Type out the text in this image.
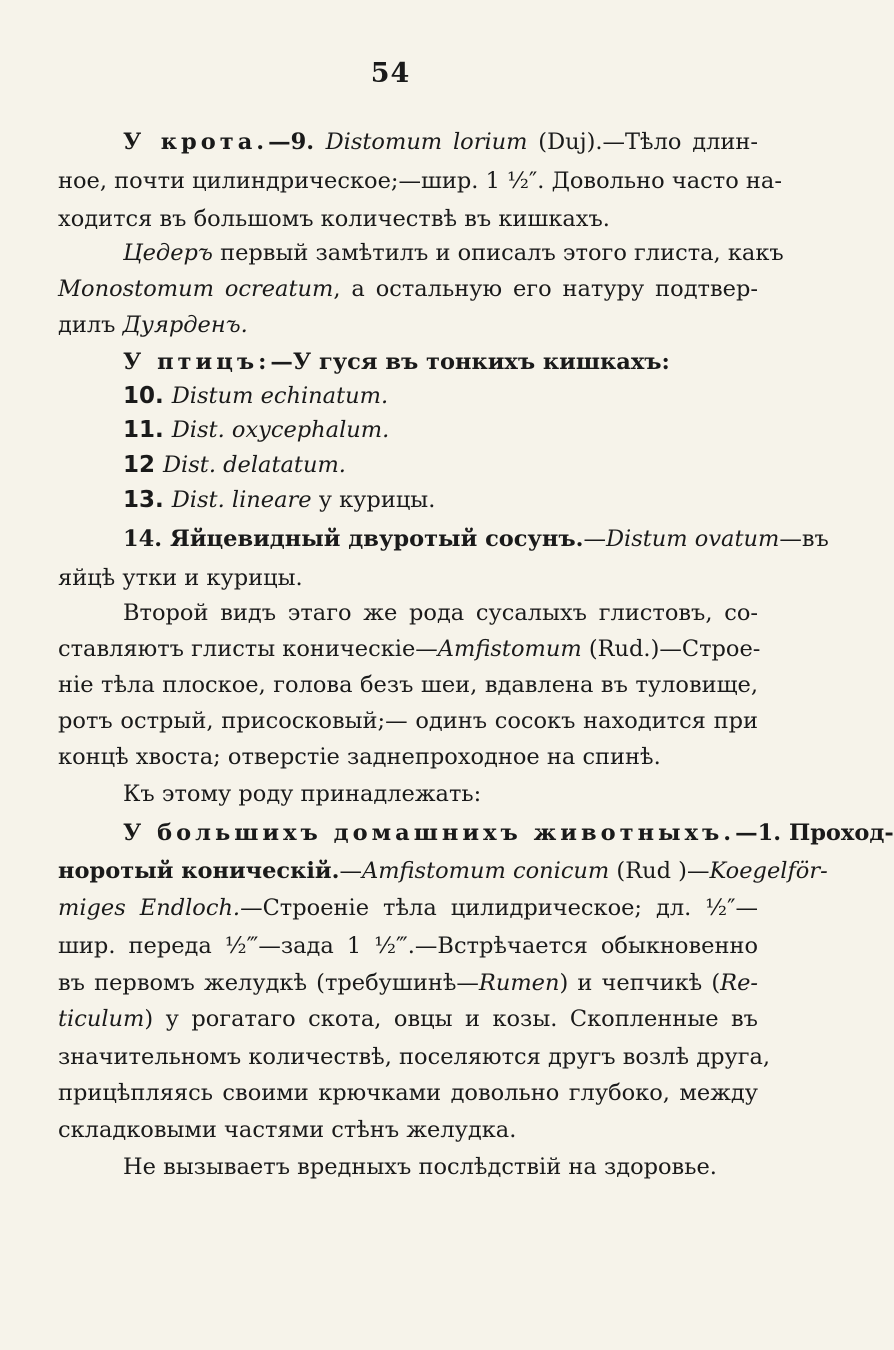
54
У крота.—9. Distomum lorium (Duj).—Тѣло длин-
ное, почти цилиндрическое;—шир. 1 ½″. Довольно часто на-
ходится въ большомъ количествѣ въ кишкахъ.
Цедеръ первый замѣтилъ и описалъ этого глиста, какъ
Monostomum ocreatum, а остальную его натуру подтвер-
дилъ Дуярденъ.
У птицъ:—У гуся въ тонкихъ кишкахъ:
10. Distum echinatum.
11. Dist. oxycephalum.
12 Dist. delatatum.
13. Dist. lineare у курицы.
14. Яйцевидный двуротый сосунъ.—Distum ovatum—въ
яйцѣ утки и курицы.
Второй видъ этаго же рода сусалыхъ глистовъ, со-
ставляютъ глисты коническіе—Amfistomum (Rud.)—Строе-
ніе тѣла плоское, голова безъ шеи, вдавлена въ туловище,
ротъ острый, присосковый;— одинъ сосокъ находится при
концѣ хвоста; отверстіе заднепроходное на спинѣ.
Къ этому роду принадлежать:
У большихъ домашнихъ животныхъ.—1. Проход-
норотый коническій.—Amfistomum conicum (Rud )—Koegelför-
miges Endloch.—Строеніе тѣла цилидрическое; дл. ½″—
шир. переда ⅟₂‴—зада 1 ½‴.—Встрѣчается обыкновенно
въ первомъ желудкѣ (требушинѣ—Rumen) и чепчикѣ (Re-
ticulum) у рогатаго скота, овцы и козы. Скопленные въ
значительномъ количествѣ, поселяются другъ возлѣ друга,
прицѣпляясь своими крючками довольно глубоко, между
складковыми частями стѣнъ желудка.
Не вызываетъ вредныхъ послѣдствій на здоровье.
